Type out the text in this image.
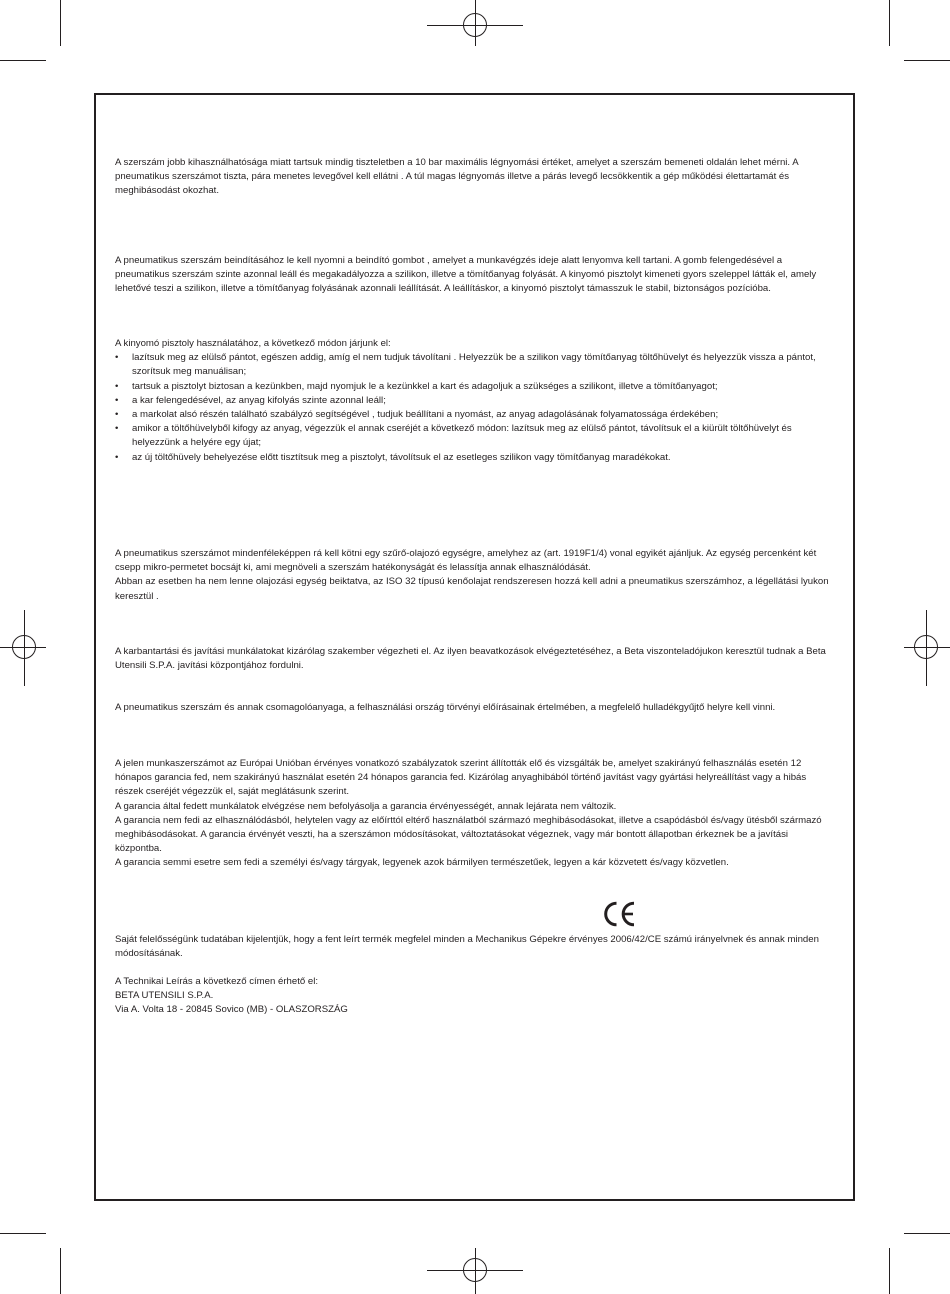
A szerszám jobb kihasználhatósága miatt tartsuk mindig tiszteletben a 10 bar maximális légnyomási értéket, amelyet a szerszám bemeneti oldalán lehet mérni. A pneumatikus szerszámot tiszta, pára menetes levegővel kell ellátni . A túl magas légnyomás illetve a párás levegő lecsökkentik a gép működési élettartamát és meghibásodást okozhat.

A pneumatikus szerszám beindításához le kell nyomni a beindító gombot , amelyet a munkavégzés ideje alatt lenyomva kell tartani. A gomb felengedésével a pneumatikus szerszám szinte azonnal leáll és megakadályozza a szilikon, illetve a tömítőanyag folyását. A kinyomó pisztolyt kimeneti gyors szeleppel látták el, amely lehetővé teszi a szilikon, illetve a tömítőanyag folyásának azonnali leállítását. A leállításkor, a kinyomó pisztolyt támasszuk le stabil, biztonságos pozícióba.

A kinyomó pisztoly használatához, a következő módon járjunk el:

• lazítsuk meg az elülső pántot, egészen addig, amíg el nem tudjuk távolítani . Helyezzük be a szilikon vagy tömítőanyag töltőhüvelyt és helyezzük vissza a pántot, szorítsuk meg manuálisan;
• tartsuk a pisztolyt biztosan a kezünkben, majd nyomjuk le a kezünkkel a kart és adagoljuk a szükséges a szilikont, illetve a tömítőanyagot;
• a kar felengedésével, az anyag kifolyás szinte azonnal leáll;
• a markolat alsó részén található szabályzó segítségével , tudjuk beállítani a nyomást, az anyag adagolásának folyamatossága érdekében;
• amikor a töltőhüvelyből kifogy az anyag, végezzük el annak cseréjét a következő módon: lazítsuk meg az elülső pántot, távolítsuk el a kiürült töltőhüvelyt és helyezzünk a helyére egy újat;
• az új töltőhüvely behelyezése előtt tisztítsuk meg a pisztolyt, távolítsuk el az esetleges szilikon vagy tömítőanyag maradékokat.

A pneumatikus szerszámot mindenféleképpen rá kell kötni egy szűrő-olajozó egységre, amelyhez az (art. 1919F1/4) vonal egyikét ajánljuk. Az egység percenként két csepp mikro-permetet bocsájt ki, ami megnöveli a szerszám hatékonyságát és lelassítja annak elhasználódását.

Abban az esetben ha nem lenne olajozási egység beiktatva, az ISO 32 típusú kenőolajat rendszeresen hozzá kell adni a pneumatikus szerszámhoz, a légellátási lyukon keresztül .

A karbantartási és javítási munkálatokat kizárólag szakember végezheti el. Az ilyen beavatkozások elvégeztetéséhez, a Beta viszonteladójukon keresztül tudnak a Beta Utensili S.P.A. javítási központjához fordulni.

A pneumatikus szerszám és annak csomagolóanyaga, a felhasználási ország törvényi előírásainak értelmében, a megfelelő hulladékgyűjtő helyre kell vinni.

A jelen munkaszerszámot az Európai Unióban érvényes vonatkozó szabályzatok szerint állították elő és vizsgálták be, amelyet szakirányú felhasználás esetén 12 hónapos garancia fed, nem szakirányú használat esetén 24 hónapos garancia fed. Kizárólag anyaghibából történő javítást vagy gyártási helyreállítást vagy a hibás részek cseréjét végezzük el, saját meglátásunk szerint.

A garancia által fedett munkálatok elvégzése nem befolyásolja a garancia érvényességét, annak lejárata nem változik.

A garancia nem fedi az elhasználódásból, helytelen vagy az előírttól eltérő használatból származó meghibásodásokat, illetve a csapódásból és/vagy ütésből származó meghibásodásokat. A garancia érvényét veszti, ha a szerszámon módosításokat, változtatásokat végeznek, vagy már bontott állapotban érkeznek be a javítási központba.

A garancia semmi esetre sem fedi a személyi és/vagy tárgyak, legyenek azok bármilyen természetűek, legyen a kár közvetett és/vagy közvetlen.

Saját felelősségünk tudatában kijelentjük, hogy a fent leírt termék megfelel minden a Mechanikus Gépekre érvényes 2006/42/CE számú irányelvnek és annak minden módosításának.

A Technikai Leírás a következő címen érhető el:

BETA UTENSILI S.P.A.

Via A. Volta 18 - 20845 Sovico (MB) - OLASZORSZÁG
